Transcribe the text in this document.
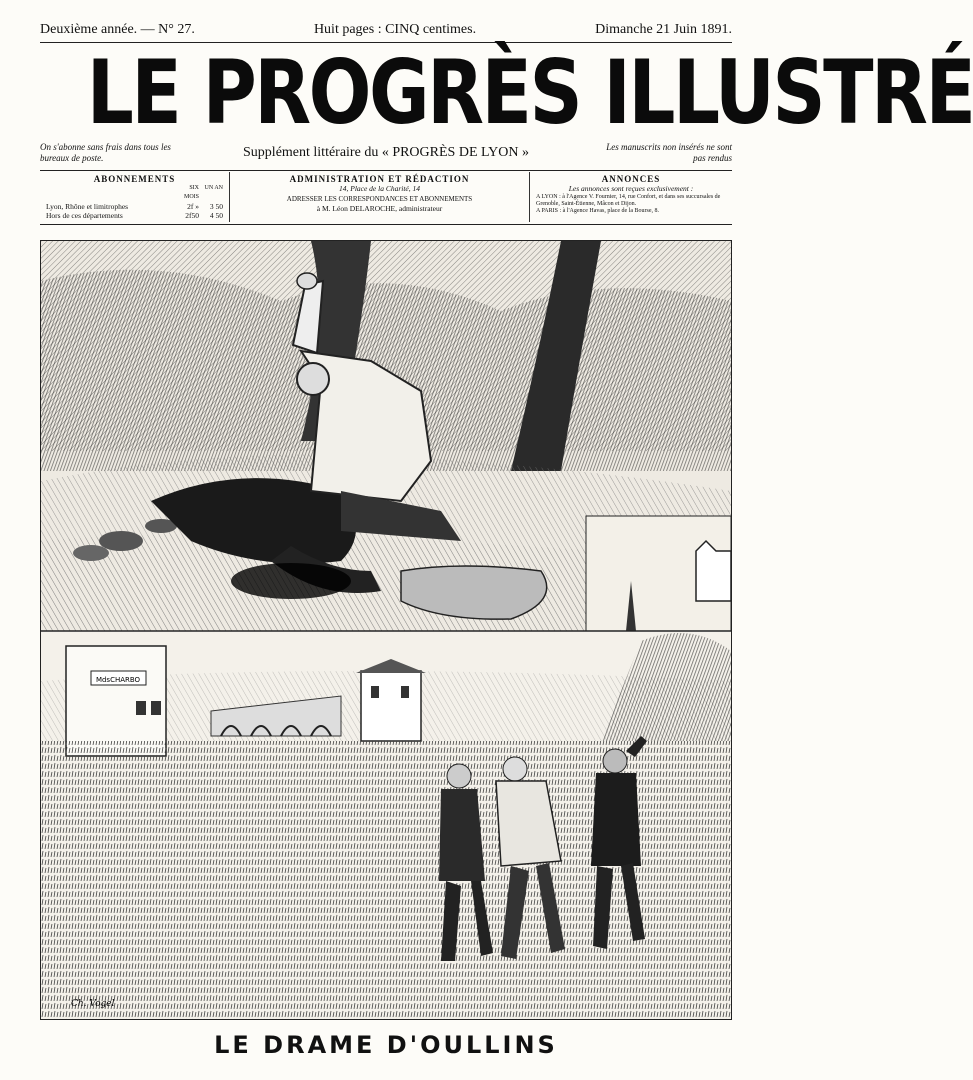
Deuxième année. — N° 27.	Huit pages : CINQ centimes.	Dimanche 21 Juin 1891.
LE PROGRÈS ILLUSTRÉ
On s'abonne sans frais dans tous les bureaux de poste.	Supplément littéraire du « PROGRÈS DE LYON »	Les manuscrits non insérés ne sont pas rendus
ABONNEMENTS
SIX MOIS
UN AN
Lyon, Rhône et limitrophes	2f »	3 50
Hors de ces départements	2f50	4 50
ADMINISTRATION ET RÉDACTION
14, Place de la Charité, 14
ADRESSER LES CORRESPONDANCES ET ABONNEMENTS
à M. Léon DELAROCHE, administrateur
ANNONCES
Les annonces sont reçues exclusivement :
A LYON : à l'Agence V. Fournier, 14, rue Confort, et dans ses succursales de Grenoble, Saint-Étienne, Mâcon et Dijon.
A PARIS : à l'Agence Havas, place de la Bourse, 8.
MdsCHARBO
Ch. Vogel
LE DRAME D'OULLINS
